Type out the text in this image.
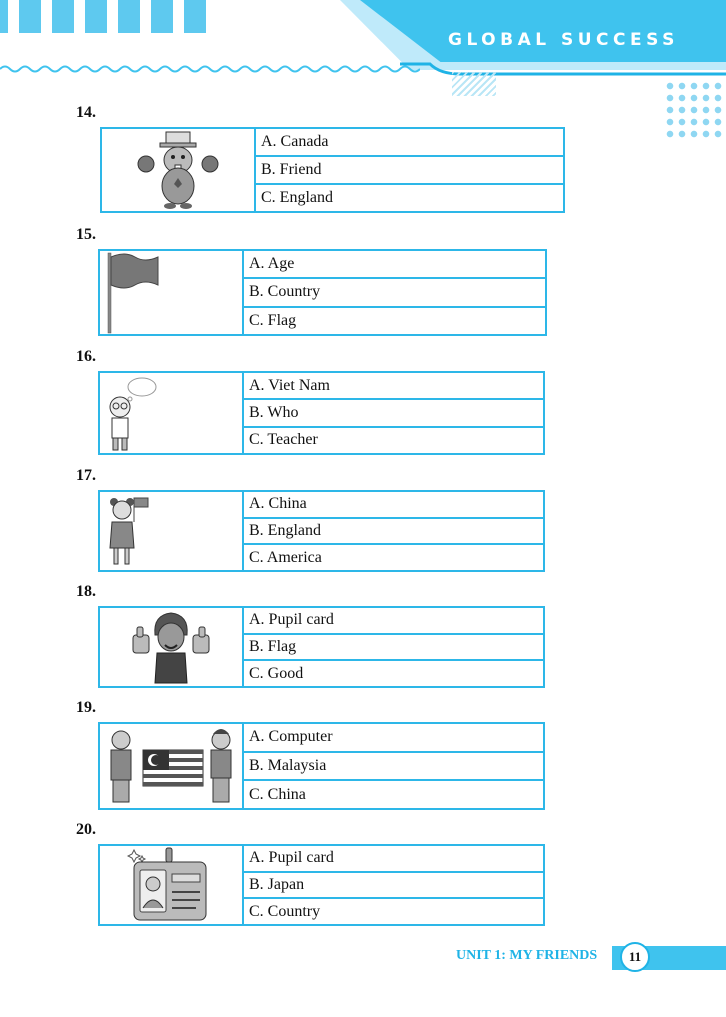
GLOBAL SUCCESS
14.
A. Canada
B. Friend
C. England
15.
A. Age
B. Country
C. Flag
16.
A. Viet Nam
B. Who
C. Teacher
17.
A. China
B. England
C. America
18.
A. Pupil card
B. Flag
C. Good
19.
A. Computer
B. Malaysia
C. China
20.
A. Pupil card
B. Japan
C. Country
UNIT 1: MY FRIENDS	11
